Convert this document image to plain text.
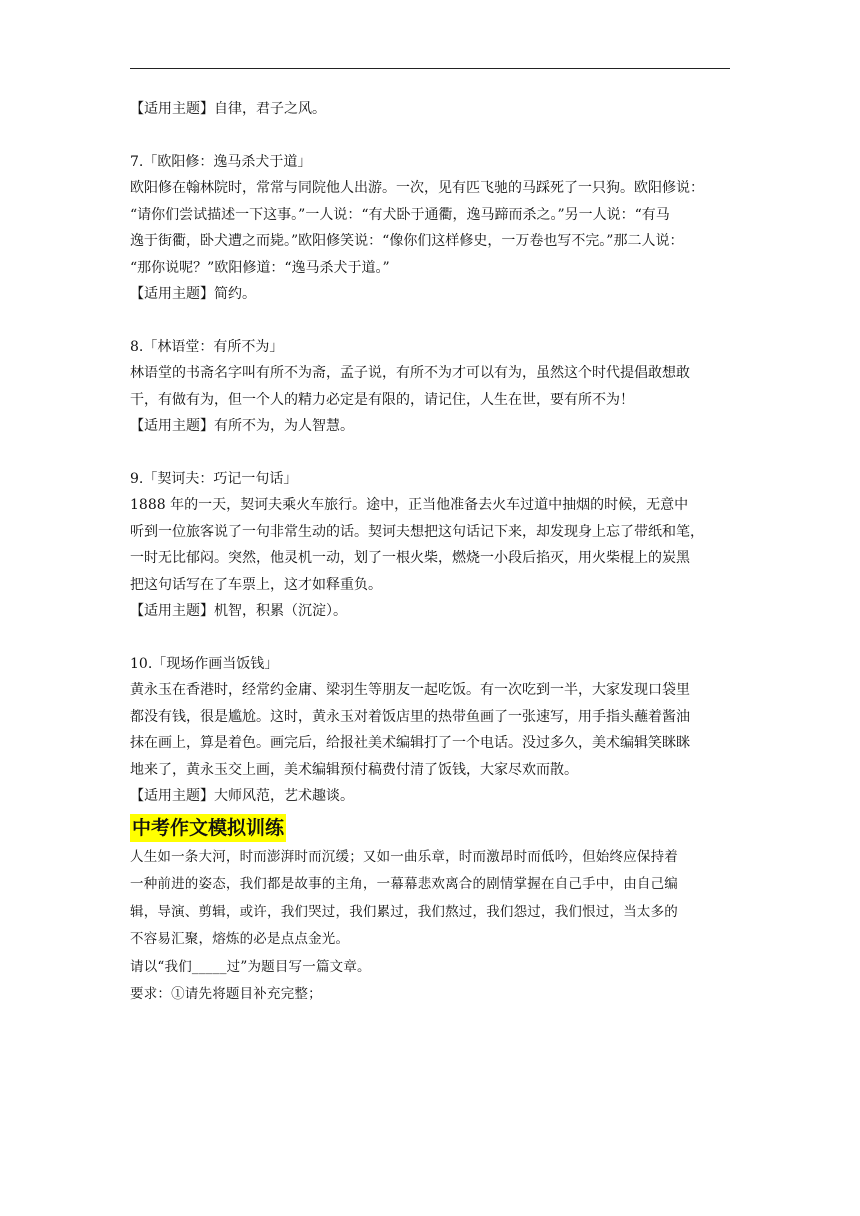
【适用主题】自律，君子之风。

7.「欧阳修：逸马杀犬于道」

欧阳修在翰林院时，常常与同院他人出游。一次，见有匹飞驰的马踩死了一只狗。欧阳修说：

“请你们尝试描述一下这事。”一人说：“有犬卧于通衢，逸马蹄而杀之。”另一人说：“有马

逸于街衢，卧犬遭之而毙。”欧阳修笑说：“像你们这样修史，一万卷也写不完。”那二人说：

“那你说呢？”欧阳修道：“逸马杀犬于道。”

【适用主题】简约。

8.「林语堂：有所不为」

林语堂的书斋名字叫有所不为斋，孟子说，有所不为才可以有为，虽然这个时代提倡敢想敢

干，有做有为，但一个人的精力必定是有限的，请记住，人生在世，要有所不为！

【适用主题】有所不为，为人智慧。

9.「契诃夫：巧记一句话」

1888 年的一天，契诃夫乘火车旅行。途中，正当他准备去火车过道中抽烟的时候，无意中

听到一位旅客说了一句非常生动的话。契诃夫想把这句话记下来，却发现身上忘了带纸和笔，

一时无比郁闷。突然，他灵机一动，划了一根火柴，燃烧一小段后掐灭，用火柴棍上的炭黑

把这句话写在了车票上，这才如释重负。

【适用主题】机智，积累（沉淀）。

10.「现场作画当饭钱」

黄永玉在香港时，经常约金庸、梁羽生等朋友一起吃饭。有一次吃到一半，大家发现口袋里

都没有钱，很是尴尬。这时，黄永玉对着饭店里的热带鱼画了一张速写，用手指头蘸着酱油

抹在画上，算是着色。画完后，给报社美术编辑打了一个电话。没过多久，美术编辑笑眯眯

地来了，黄永玉交上画，美术编辑预付稿费付清了饭钱，大家尽欢而散。

【适用主题】大师风范，艺术趣谈。

中考作文模拟训练

人生如一条大河，时而澎湃时而沉缓；又如一曲乐章，时而激昂时而低吟，但始终应保持着

一种前进的姿态，我们都是故事的主角，一幕幕悲欢离合的剧情掌握在自己手中，由自己编

辑，导演、剪辑，或许，我们哭过，我们累过，我们熬过，我们怨过，我们恨过，当太多的

不容易汇聚，熔炼的必是点点金光。

请以“我们_____过”为题目写一篇文章。

要求：①请先将题目补充完整；
